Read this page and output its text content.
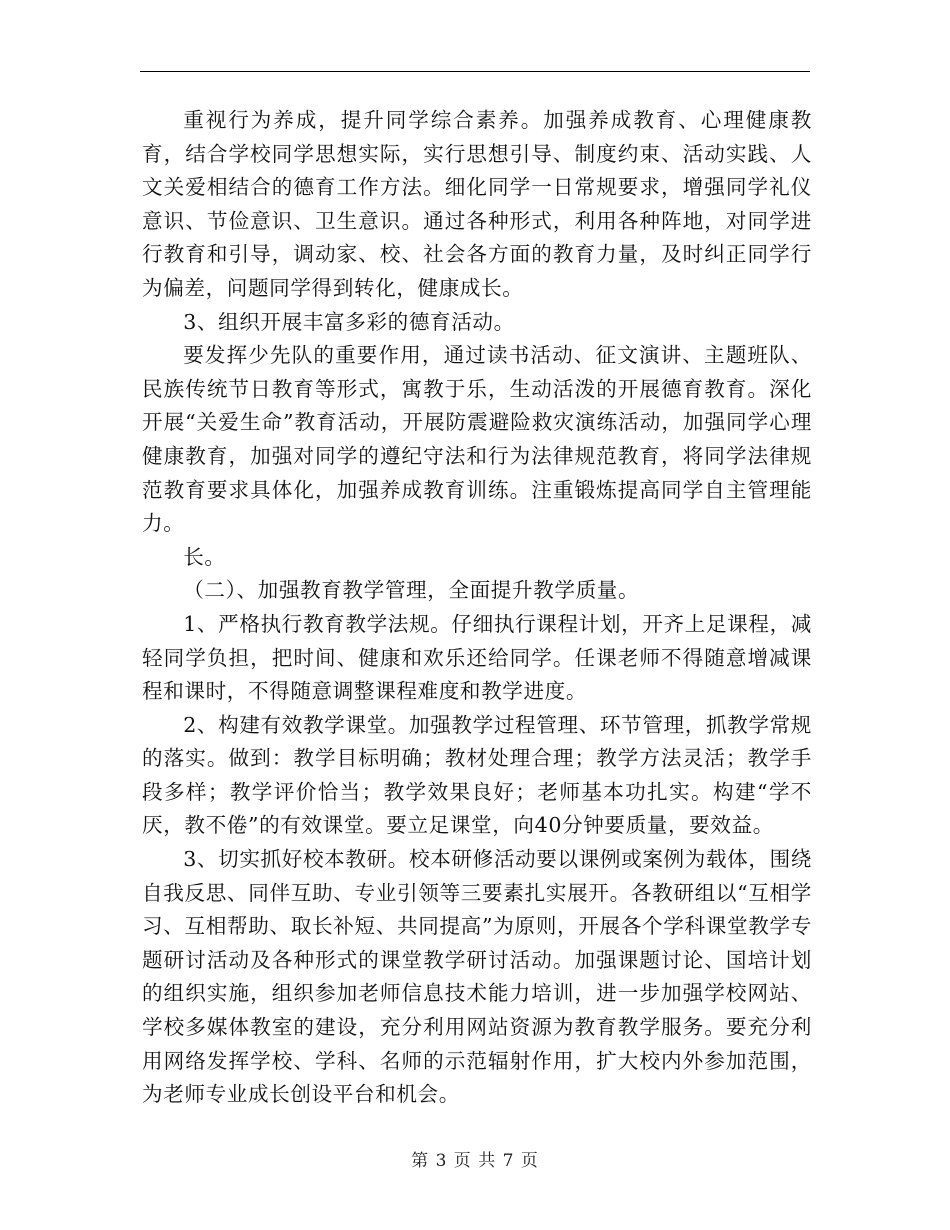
重视行为养成，提升同学综合素养。加强养成教育、心理健康教育，结合学校同学思想实际，实行思想引导、制度约束、活动实践、人文关爱相结合的德育工作方法。细化同学一日常规要求，增强同学礼仪意识、节俭意识、卫生意识。通过各种形式，利用各种阵地，对同学进行教育和引导，调动家、校、社会各方面的教育力量，及时纠正同学行为偏差，问题同学得到转化，健康成长。

3、组织开展丰富多彩的德育活动。

要发挥少先队的重要作用，通过读书活动、征文演讲、主题班队、民族传统节日教育等形式，寓教于乐，生动活泼的开展德育教育。深化开展“关爱生命”教育活动，开展防震避险救灾演练活动，加强同学心理健康教育，加强对同学的遵纪守法和行为法律规范教育，将同学法律规范教育要求具体化，加强养成教育训练。注重锻炼提高同学自主管理能力。

长。

（二）、加强教育教学管理，全面提升教学质量。

1、严格执行教育教学法规。仔细执行课程计划，开齐上足课程，减轻同学负担，把时间、健康和欢乐还给同学。任课老师不得随意增减课程和课时，不得随意调整课程难度和教学进度。

2、构建有效教学课堂。加强教学过程管理、环节管理，抓教学常规的落实。做到：教学目标明确；教材处理合理；教学方法灵活；教学手段多样；教学评价恰当；教学效果良好；老师基本功扎实。构建“学不厌，教不倦”的有效课堂。要立足课堂，向40分钟要质量，要效益。

3、切实抓好校本教研。校本研修活动要以课例或案例为载体，围绕自我反思、同伴互助、专业引领等三要素扎实展开。各教研组以“互相学习、互相帮助、取长补短、共同提高”为原则，开展各个学科课堂教学专题研讨活动及各种形式的课堂教学研讨活动。加强课题讨论、国培计划的组织实施，组织参加老师信息技术能力培训，进一步加强学校网站、学校多媒体教室的建设，充分利用网站资源为教育教学服务。要充分利用网络发挥学校、学科、名师的示范辐射作用，扩大校内外参加范围，为老师专业成长创设平台和机会。

第 3 页 共 7 页
